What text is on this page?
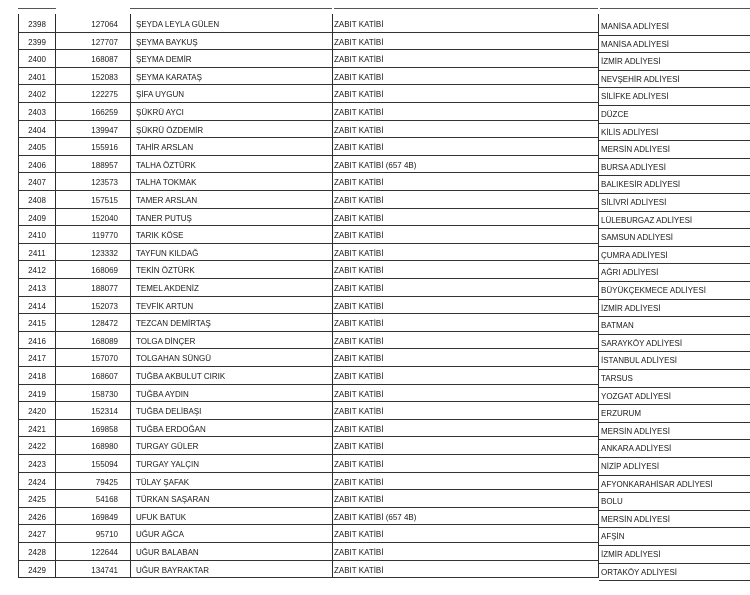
2398	127064 ŞEYDA LEYLA GÜLEN	ZABIT KATİBİ	MANİSA ADLİYESİ
2399	127707 ŞEYMA BAYKUŞ	ZABIT KATİBİ	MANİSA ADLİYESİ
2400	168087 ŞEYMA DEMİR	ZABIT KATİBİ	İZMİR ADLİYESİ
2401	152083 ŞEYMA KARATAŞ	ZABIT KATİBİ	NEVŞEHİR ADLİYESİ
2402	122275 ŞİFA UYGUN	ZABIT KATİBİ	SİLİFKE ADLİYESİ
2403	166259 ŞÜKRÜ AYCI	ZABIT KATİBİ	DÜZCE
2404	139947 ŞÜKRÜ ÖZDEMİR	ZABIT KATİBİ	KİLİS ADLİYESİ
2405	155916 TAHİR ARSLAN	ZABIT KATİBİ	MERSİN ADLİYESİ
2406	188957 TALHA ÖZTÜRK	ZABIT KATİBİ (657 4B)	BURSA ADLİYESİ
2407	123573 TALHA TOKMAK	ZABIT KATİBİ	BALIKESİR ADLİYESİ
2408	157515 TAMER ARSLAN	ZABIT KATİBİ	SİLİVRİ ADLİYESİ
2409	152040 TANER PUTUŞ	ZABIT KATİBİ	LÜLEBURGAZ ADLİYESİ
2410	119770 TARIK KÖSE	ZABIT KATİBİ	SAMSUN ADLİYESİ
2411	123332 TAYFUN KILDAĞ	ZABIT KATİBİ	ÇUMRA ADLİYESİ
2412	168069 TEKİN ÖZTÜRK	ZABIT KATİBİ	AĞRI ADLİYESİ
2413	188077 TEMEL AKDENİZ	ZABIT KATİBİ	BÜYÜKÇEKMECE ADLİYESİ
2414	152073 TEVFİK ARTUN	ZABIT KATİBİ	İZMİR ADLİYESİ
2415	128472 TEZCAN DEMİRTAŞ	ZABIT KATİBİ	BATMAN
2416	168089 TOLGA DİNÇER	ZABIT KATİBİ	SARAYKÖY ADLİYESİ
2417	157070 TOLGAHAN SÜNGÜ	ZABIT KATİBİ	İSTANBUL ADLİYESİ
2418	168607 TUĞBA AKBULUT CIRIK	ZABIT KATİBİ	TARSUS
2419	158730 TUĞBA AYDIN	ZABIT KATİBİ	YOZGAT ADLİYESİ
2420	152314 TUĞBA DELİBAŞI	ZABIT KATİBİ	ERZURUM
2421	169858 TUĞBA ERDOĞAN	ZABIT KATİBİ	MERSİN ADLİYESİ
2422	168980 TURGAY GÜLER	ZABIT KATİBİ	ANKARA ADLİYESİ
2423	155094 TURGAY YALÇIN	ZABIT KATİBİ	NİZİP ADLİYESİ
2424	79425 TÜLAY ŞAFAK	ZABIT KATİBİ	AFYONKARAHİSAR ADLİYESİ
2425	54168 TÜRKAN SAŞARAN	ZABIT KATİBİ	BOLU
2426	169849 UFUK BATUK	ZABIT KATİBİ (657 4B)	MERSİN ADLİYESİ
2427	95710 UĞUR AĞCA	ZABIT KATİBİ	AFŞİN
2428	122644 UĞUR BALABAN	ZABIT KATİBİ	İZMİR ADLİYESİ
2429	134741 UĞUR BAYRAKTAR	ZABIT KATİBİ	ORTAKÖY ADLİYESİ
